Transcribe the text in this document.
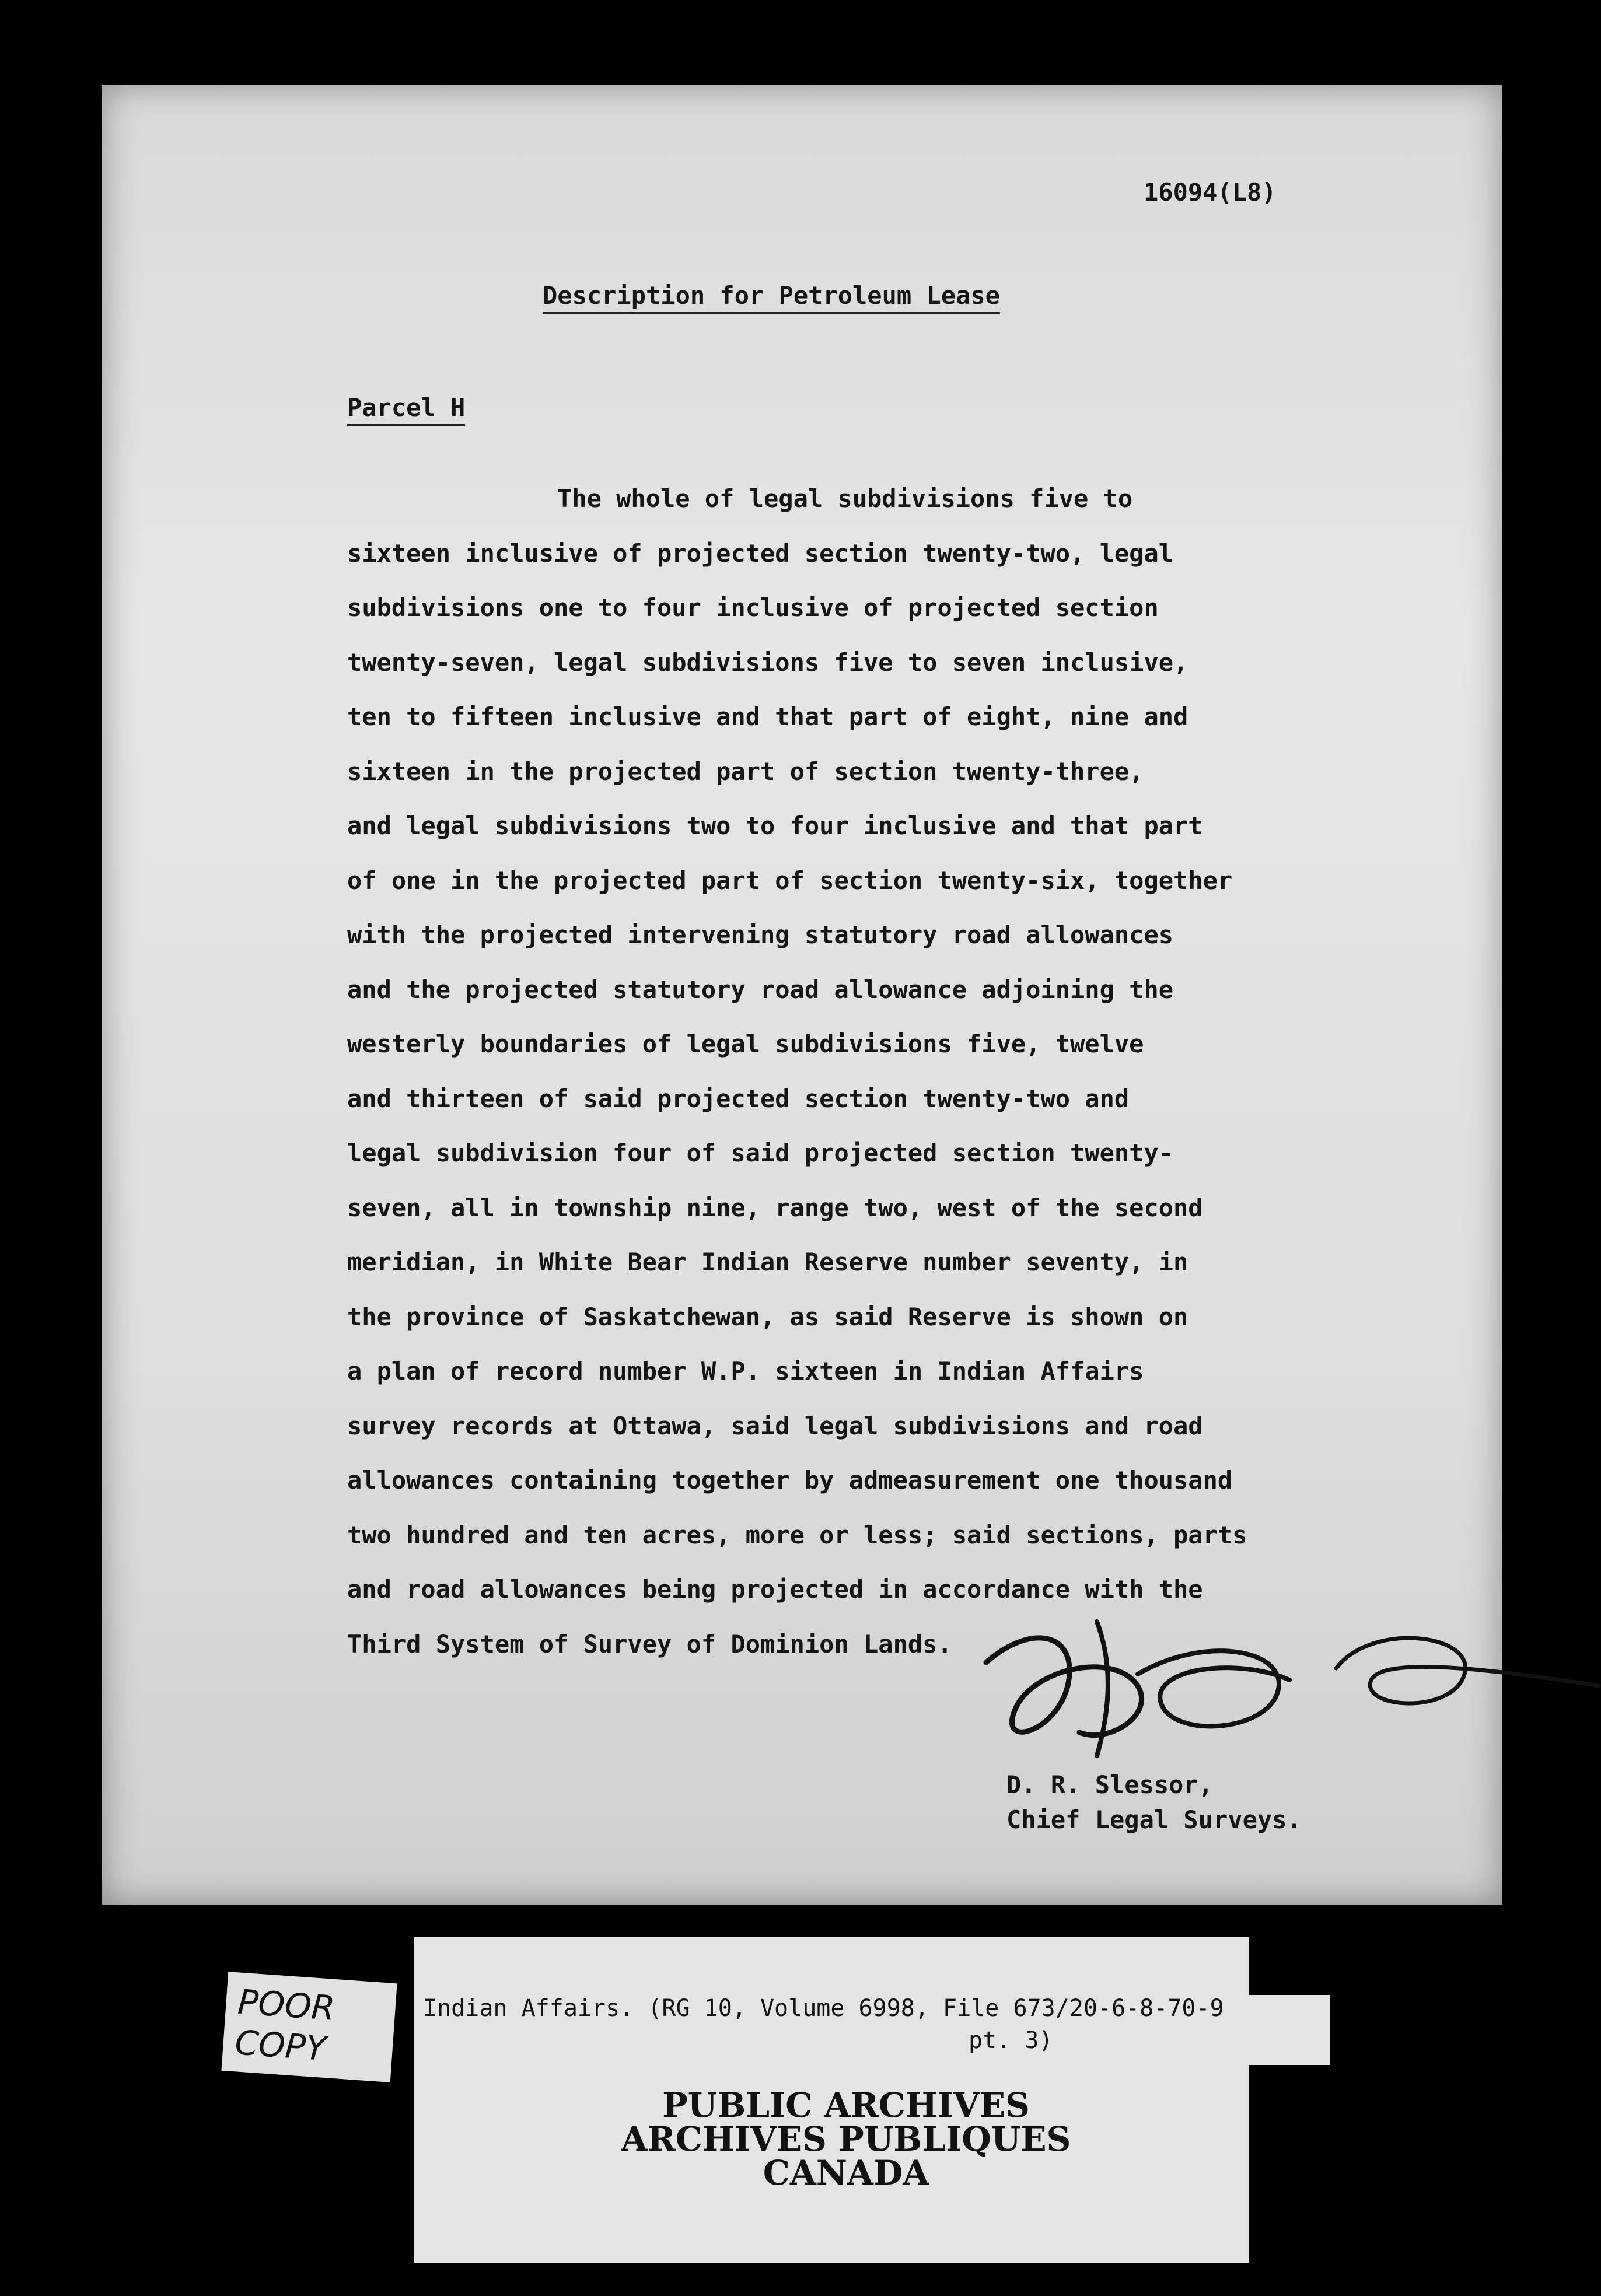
16094(L8)
Description for Petroleum Lease
Parcel H
The whole of legal subdivisions five to
sixteen inclusive of projected section twenty-two, legal
subdivisions one to four inclusive of projected section
twenty-seven, legal subdivisions five to seven inclusive,
ten to fifteen inclusive and that part of eight, nine and
sixteen in the projected part of section twenty-three,
and legal subdivisions two to four inclusive and that part
of one in the projected part of section twenty-six, together
with the projected intervening statutory road allowances
and the projected statutory road allowance adjoining the
westerly boundaries of legal subdivisions five, twelve
and thirteen of said projected section twenty-two and
legal subdivision four of said projected section twenty-
seven, all in township nine, range two, west of the second
meridian, in White Bear Indian Reserve number seventy, in
the province of Saskatchewan, as said Reserve is shown on
a plan of record number W.P. sixteen in Indian Affairs
survey records at Ottawa, said legal subdivisions and road
allowances containing together by admeasurement one thousand
two hundred and ten acres, more or less; said sections, parts
and road allowances being projected in accordance with the
Third System of Survey of Dominion Lands.
D. R. Slessor,
Chief Legal Surveys.
POOR
COPY
Indian Affairs. (RG 10, Volume 6998, File 673/20-6-8-70-9
pt. 3)
PUBLIC ARCHIVES
ARCHIVES PUBLIQUES
CANADA
